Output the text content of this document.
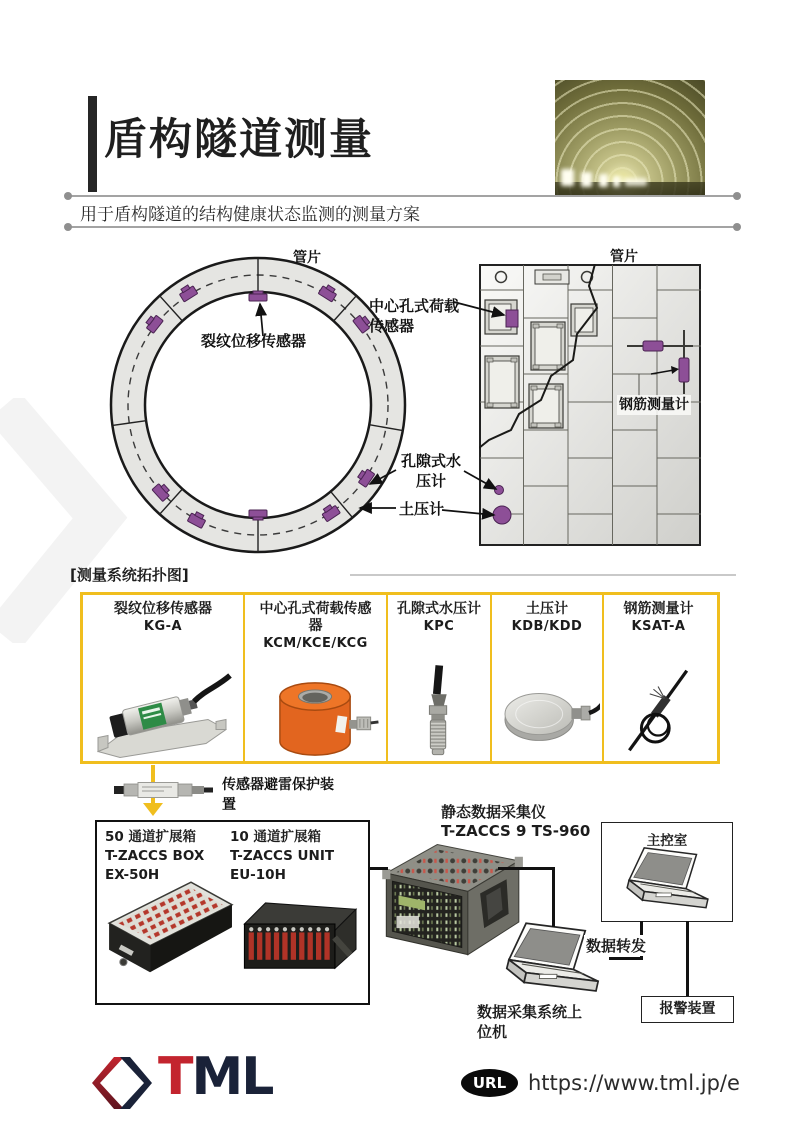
盾构隧道测量
用于盾构隧道的结构健康状态监测的测量方案
管片	管片
裂纹位移传感器
中心孔式荷载传感器
孔隙式水压计
土压计
钢筋测量计
[测量系统拓扑图]
裂纹位移传感器
KG-A
中心孔式荷载传感器
KCM/KCE/KCG
孔隙式水压计
KPC
土压计
KDB/KDD
钢筋测量计
KSAT-A
传感器避雷保护装置
50 通道扩展箱
T-ZACCS BOX
EX-50H
10 通道扩展箱
T-ZACCS UNIT
EU-10H
静态数据采集仪
T-ZACCS 9 TS-960
数据采集系统上位机
主控室
数据转发
报警装置
TML	URL	https://www.tml.jp/e
